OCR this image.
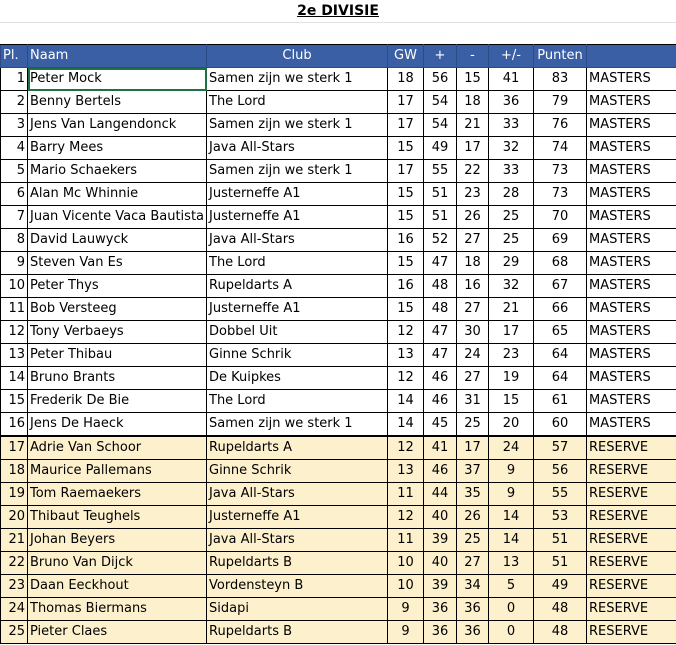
2e DIVISIE
Pl.	Naam	Club	GW	+	-	+/-	Punten	
1	Peter Mock	Samen zijn we sterk 1	18	56	15	41	83	MASTERS
2	Benny Bertels	The Lord	17	54	18	36	79	MASTERS
3	Jens Van Langendonck	Samen zijn we sterk 1	17	54	21	33	76	MASTERS
4	Barry Mees	Java All-Stars	15	49	17	32	74	MASTERS
5	Mario Schaekers	Samen zijn we sterk 1	17	55	22	33	73	MASTERS
6	Alan Mc Whinnie	Justerneffe A1	15	51	23	28	73	MASTERS
7	Juan Vicente Vaca Bautista	Justerneffe A1	15	51	26	25	70	MASTERS
8	David Lauwyck	Java All-Stars	16	52	27	25	69	MASTERS
9	Steven Van Es	The Lord	15	47	18	29	68	MASTERS
10	Peter Thys	Rupeldarts A	16	48	16	32	67	MASTERS
11	Bob Versteeg	Justerneffe A1	15	48	27	21	66	MASTERS
12	Tony Verbaeys	Dobbel Uit	12	47	30	17	65	MASTERS
13	Peter Thibau	Ginne Schrik	13	47	24	23	64	MASTERS
14	Bruno Brants	De Kuipkes	12	46	27	19	64	MASTERS
15	Frederik De Bie	The Lord	14	46	31	15	61	MASTERS
16	Jens De Haeck	Samen zijn we sterk 1	14	45	25	20	60	MASTERS
17	Adrie Van Schoor	Rupeldarts A	12	41	17	24	57	RESERVE
18	Maurice Pallemans	Ginne Schrik	13	46	37	9	56	RESERVE
19	Tom Raemaekers	Java All-Stars	11	44	35	9	55	RESERVE
20	Thibaut Teughels	Justerneffe A1	12	40	26	14	53	RESERVE
21	Johan Beyers	Java All-Stars	11	39	25	14	51	RESERVE
22	Bruno Van Dijck	Rupeldarts B	10	40	27	13	51	RESERVE
23	Daan Eeckhout	Vordensteyn B	10	39	34	5	49	RESERVE
24	Thomas Biermans	Sidapi	9	36	36	0	48	RESERVE
25	Pieter Claes	Rupeldarts B	9	36	36	0	48	RESERVE
